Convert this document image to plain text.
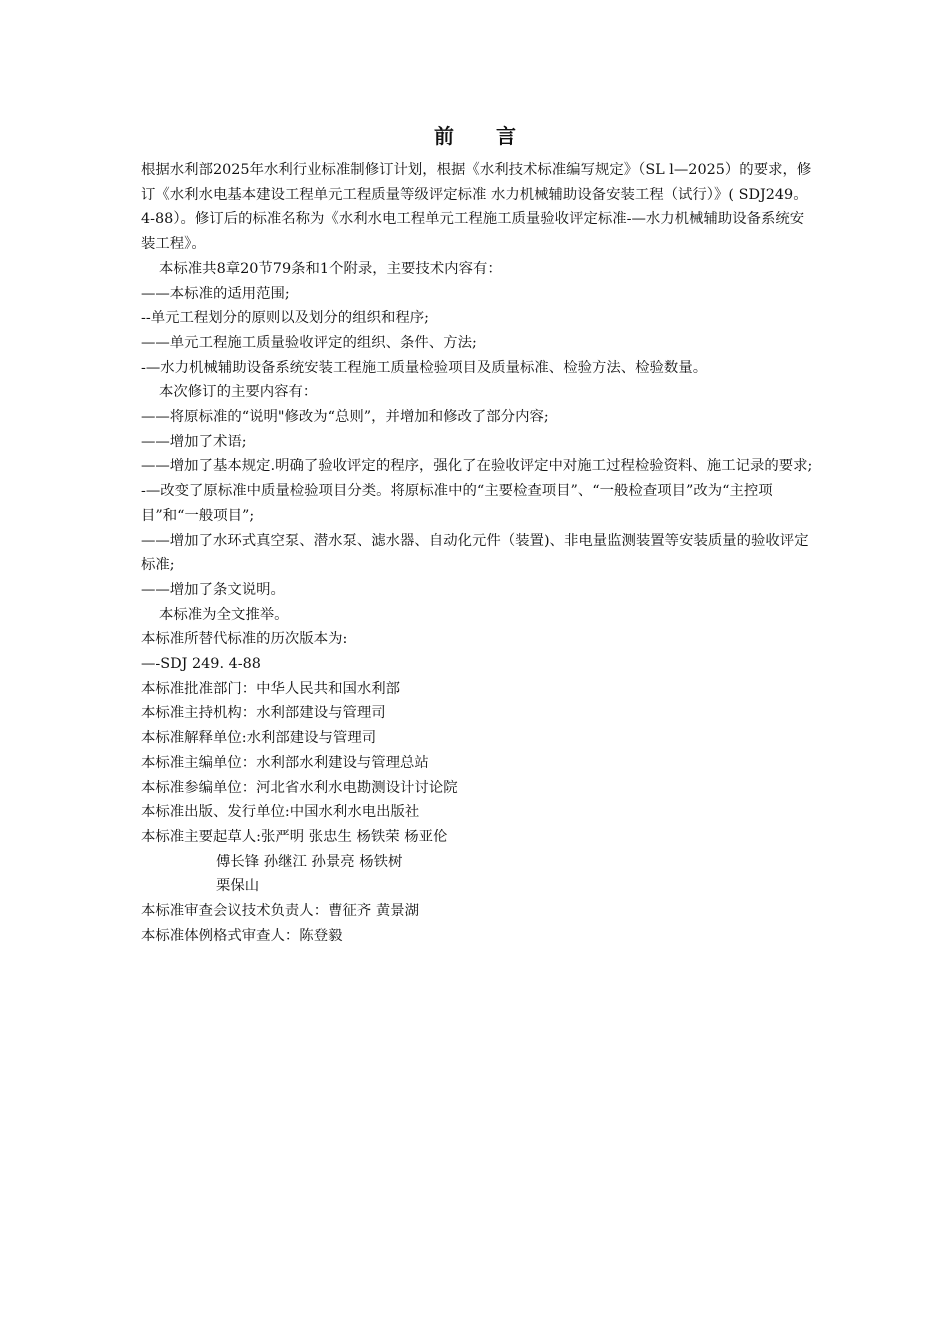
前言

根据水利部2025年水利行业标准制修订计划，根据《水利技术标准编写规定》（SL l—2025）的要求，修订《水利水电基本建设工程单元工程质量等级评定标准 水力机械辅助设备安装工程（试行）》( SDJ249。 4-88）。修订后的标准名称为《水利水电工程单元工程施工质量验收评定标准-—水力机械辅助设备系统安装工程》。

本标准共8章20节79条和1个附录，主要技术内容有：

——本标准的适用范围;

--单元工程划分的原则以及划分的组织和程序;

——单元工程施工质量验收评定的组织、条件、方法;

-—水力机械辅助设备系统安装工程施工质量检验项目及质量标准、检验方法、检验数量。

本次修订的主要内容有：

——将原标准的“说明"修改为“总则”，并增加和修改了部分内容;

——增加了术语;

——增加了基本规定.明确了验收评定的程序，强化了在验收评定中对施工过程检验资料、施工记录的要求;

-—改变了原标准中质量检验项目分类。将原标准中的“主要检查项目”、“一般检查项目”改为“主控项目”和“一般项目”;

——增加了水环式真空泵、潜水泵、滤水器、自动化元件（装置)、非电量监测装置等安装质量的验收评定标准;

——增加了条文说明。

本标准为全文推举。

本标准所替代标准的历次版本为:

—-SDJ 249. 4-88

本标准批准部门：中华人民共和国水利部

本标准主持机构：水利部建设与管理司

本标准解释单位:水利部建设与管理司

本标准主编单位：水利部水利建设与管理总站

本标准参编单位：河北省水利水电勘测设计讨论院

本标准出版、发行单位:中国水利水电出版社

本标准主要起草人:张严明 张忠生 杨铁荣 杨亚伦

傅长锋 孙继江 孙景亮 杨铁树

栗保山

本标准审查会议技术负责人：曹征齐 黄景湖

本标准体例格式审查人：陈登毅
